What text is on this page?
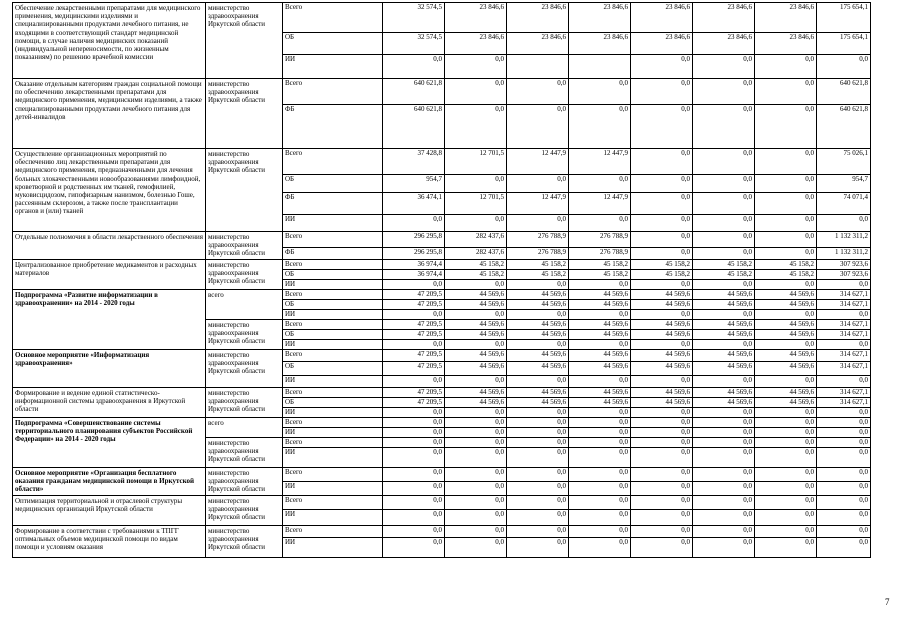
Обеспечение лекарственными препаратами для медицинского применения, медицинскими изделиями и специализированными продуктами лечебного питания, не входящими в соответствующий стандарт медицинской помощи, в случае наличия медицинских показаний (индивидуальной непереносимости, по жизненным показаниям) по решению врачебной комиссии	министерство здравоохранения Иркутской области	Всего	32 574,5	23 846,6	23 846,6	23 846,6	23 846,6	23 846,6	23 846,6	175 654,1
		ОБ	32 574,5	23 846,6	23 846,6	23 846,6	23 846,6	23 846,6	23 846,6	175 654,1
		ИИ	0,0	0,0			0,0	0,0	0,0	0,0
Оказание отдельным категориям граждан социальной помощи по обеспечению лекарственными препаратами для медицинского применения, медицинскими изделиями, а также специализированными продуктами лечебного питания для детей-инвалидов	министерство здравоохранения Иркутской области	Всего	640 621,8	0,0	0,0	0,0	0,0	0,0	0,0	640 621,8
		ФБ	640 621,8	0,0	0,0	0,0	0,0	0,0	0,0	640 621,8
Осуществление организационных мероприятий по обеспечению лиц лекарственными препаратами для медицинского применения, предназначенными для лечения больных злокачественными новообразованиями лимфоидной, кроветворной и родственных им тканей, гемофилией, муковисцидозом, гипофизарным нанизмом, болезнью Гоше, рассеянным склерозом, а также после трансплантации органов и (или) тканей	министерство здравоохранения Иркутской области	Всего	37 428,8	12 701,5	12 447,9	12 447,9	0,0	0,0	0,0	75 026,1
		ОБ	954,7	0,0	0,0	0,0	0,0	0,0	0,0	954,7
		ФБ	36 474,1	12 701,5	12 447,9	12 447,9	0,0	0,0	0,0	74 071,4
		ИИ	0,0	0,0	0,0	0,0	0,0	0,0	0,0	0,0
Отдельные полномочия в области лекарственного обеспечения	министерство здравоохранения Иркутской области	Всего	296 295,8	282 437,6	276 788,9	276 788,9	0,0	0,0	0,0	1 132 311,2
		ФБ	296 295,8	282 437,6	276 788,9	276 788,9	0,0	0,0	0,0	1 132 311,2
Централизованное приобретение медикаментов и расходных материалов	министерство здравоохранения Иркутской области	Всего	36 974,4	45 158,2	45 158,2	45 158,2	45 158,2	45 158,2	45 158,2	307 923,6
		ОБ	36 974,4	45 158,2	45 158,2	45 158,2	45 158,2	45 158,2	45 158,2	307 923,6
		ИИ	0,0	0,0	0,0	0,0	0,0	0,0	0,0	0,0
Подпрограмма «Развитие информатизации в здравоохранении» на 2014 - 2020 годы	всего	Всего	47 209,5	44 569,6	44 569,6	44 569,6	44 569,6	44 569,6	44 569,6	314 627,1
		ОБ	47 209,5	44 569,6	44 569,6	44 569,6	44 569,6	44 569,6	44 569,6	314 627,1
		ИИ	0,0	0,0	0,0	0,0	0,0	0,0	0,0	0,0
	министерство здравоохранения Иркутской области	Всего	47 209,5	44 569,6	44 569,6	44 569,6	44 569,6	44 569,6	44 569,6	314 627,1
		ОБ	47 209,5	44 569,6	44 569,6	44 569,6	44 569,6	44 569,6	44 569,6	314 627,1
		ИИ	0,0	0,0	0,0	0,0	0,0	0,0	0,0	0,0
Основное мероприятие «Информатизация здравоохранения»	министерство здравоохранения Иркутской области	Всего	47 209,5	44 569,6	44 569,6	44 569,6	44 569,6	44 569,6	44 569,6	314 627,1
		ОБ	47 209,5	44 569,6	44 569,6	44 569,6	44 569,6	44 569,6	44 569,6	314 627,1
		ИИ	0,0	0,0	0,0	0,0	0,0	0,0	0,0	0,0
Формирование и ведение единой статистическо-информационной системы здравоохранения в Иркутской области	министерство здравоохранения Иркутской области	Всего	47 209,5	44 569,6	44 569,6	44 569,6	44 569,6	44 569,6	44 569,6	314 627,1
		ОБ	47 209,5	44 569,6	44 569,6	44 569,6	44 569,6	44 569,6	44 569,6	314 627,1
		ИИ	0,0	0,0	0,0	0,0	0,0	0,0	0,0	0,0
Подпрограмма «Совершенствование системы территориального планирования субъектов Российской Федерации» на 2014 - 2020 годы	всего	Всего	0,0	0,0	0,0	0,0	0,0	0,0	0,0	0,0
		ИИ	0,0	0,0	0,0	0,0	0,0	0,0	0,0	0,0
	министерство здравоохранения Иркутской области	Всего	0,0	0,0	0,0	0,0	0,0	0,0	0,0	0,0
		ИИ	0,0	0,0	0,0	0,0	0,0	0,0	0,0	0,0
Основное мероприятие «Организация бесплатного оказания гражданам медицинской помощи в Иркутской области»	министерство здравоохранения Иркутской области	Всего	0,0	0,0	0,0	0,0	0,0	0,0	0,0	0,0
		ИИ	0,0	0,0	0,0	0,0	0,0	0,0	0,0	0,0
Оптимизация территориальной и отраслевой структуры медицинских организаций Иркутской области	министерство здравоохранения Иркутской области	Всего	0,0	0,0	0,0	0,0	0,0	0,0	0,0	0,0
		ИИ	0,0	0,0	0,0	0,0	0,0	0,0	0,0	0,0
Формирование в соответствии с требованиями к ТПГГ оптимальных объемов медицинской помощи по видам помощи и условиям оказания	министерство здравоохранения Иркутской области	Всего	0,0	0,0	0,0	0,0	0,0	0,0	0,0	0,0
		ИИ	0,0	0,0	0,0	0,0	0,0	0,0	0,0	0,0
7
